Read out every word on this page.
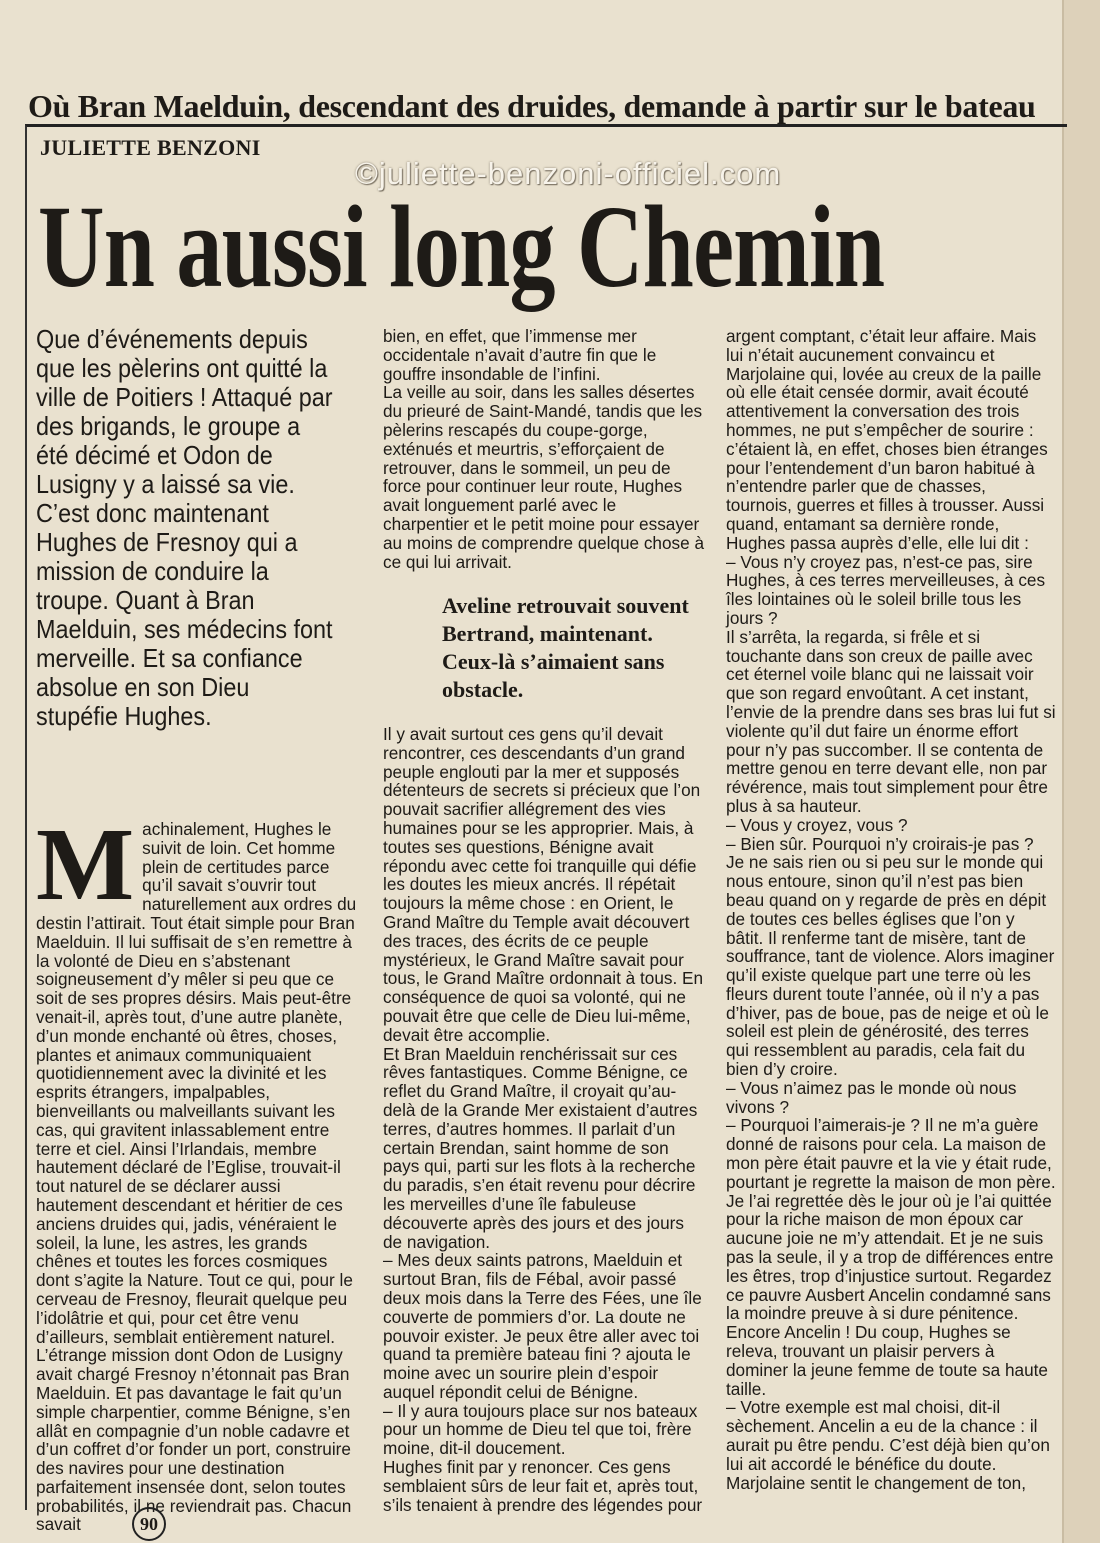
Où Bran Maelduin, descendant des druides, demande à partir sur le bateau
JULIETTE BENZONI
©juliette-benzoni-officiel.com
Un aussi long Chemin

Que d’événements depuis que les pèlerins ont quitté la ville de Poitiers ! Attaqué par des brigands, le groupe a été décimé et Odon de Lusigny y a laissé sa vie. C’est donc maintenant Hughes de Fresnoy qui a mission de conduire la troupe. Quant à Bran Maelduin, ses médecins font merveille. Et sa confiance absolue en son Dieu stupéfie Hughes.

Machinalement, Hughes le suivit de loin. Cet homme plein de certitudes parce qu’il savait s’ouvrir tout naturellement aux ordres du destin l’attirait. Tout était simple pour Bran Maelduin. Il lui suffisait de s’en remettre à la volonté de Dieu en s’abstenant soigneusement d’y mêler si peu que ce soit de ses propres désirs. Mais peut-être venait-il, après tout, d’une autre planète, d’un monde enchanté où êtres, choses, plantes et animaux communiquaient quotidiennement avec la divinité et les esprits étrangers, impalpables, bienveillants ou malveillants suivant les cas, qui gravitent inlassablement entre terre et ciel. Ainsi l’Irlandais, membre hautement déclaré de l’Eglise, trouvait-il tout naturel de se déclarer aussi hautement descendant et héritier de ces anciens druides qui, jadis, vénéraient le soleil, la lune, les astres, les grands chênes et toutes les forces cosmiques dont s’agite la Nature. Tout ce qui, pour le cerveau de Fresnoy, fleurait quelque peu l’idolâtrie et qui, pour cet être venu d’ailleurs, semblait entièrement naturel.

L’étrange mission dont Odon de Lusigny avait chargé Fresnoy n’étonnait pas Bran Maelduin. Et pas davantage le fait qu’un simple charpentier, comme Bénigne, s’en allât en compagnie d’un noble cadavre et d’un coffret d’or fonder un port, construire des navires pour une destination parfaitement insensée dont, selon toutes probabilités, il ne reviendrait pas. Chacun savait

bien, en effet, que l’immense mer occidentale n’avait d’autre fin que le gouffre insondable de l’infini.

La veille au soir, dans les salles désertes du prieuré de Saint-Mandé, tandis que les pèlerins rescapés du coupe-gorge, exténués et meurtris, s’efforçaient de retrouver, dans le sommeil, un peu de force pour continuer leur route, Hughes avait longuement parlé avec le charpentier et le petit moine pour essayer au moins de comprendre quelque chose à ce qui lui arrivait.

Aveline retrouvait souvent Bertrand, maintenant. Ceux-là s’aimaient sans obstacle.

Il y avait surtout ces gens qu’il devait rencontrer, ces descendants d’un grand peuple englouti par la mer et supposés détenteurs de secrets si précieux que l’on pouvait sacrifier allégrement des vies humaines pour se les approprier. Mais, à toutes ses questions, Bénigne avait répondu avec cette foi tranquille qui défie les doutes les mieux ancrés. Il répétait toujours la même chose : en Orient, le Grand Maître du Temple avait découvert des traces, des écrits de ce peuple mystérieux, le Grand Maître savait pour tous, le Grand Maître ordonnait à tous. En conséquence de quoi sa volonté, qui ne pouvait être que celle de Dieu lui-même, devait être accomplie.

Et Bran Maelduin renchérissait sur ces rêves fantastiques. Comme Bénigne, ce reflet du Grand Maître, il croyait qu’au-delà de la Grande Mer existaient d’autres terres, d’autres hommes. Il parlait d’un certain Brendan, saint homme de son pays qui, parti sur les flots à la recherche du paradis, s’en était revenu pour décrire les merveilles d’une île fabuleuse découverte après des jours et des jours de navigation.

– Mes deux saints patrons, Maelduin et surtout Bran, fils de Fébal, avoir passé deux mois dans la Terre des Fées, une île couverte de pommiers d’or. La doute ne pouvoir exister. Je peux être aller avec toi quand ta première bateau fini ? ajouta le moine avec un sourire plein d’espoir auquel répondit celui de Bénigne.

– Il y aura toujours place sur nos bateaux pour un homme de Dieu tel que toi, frère moine, dit-il doucement.

Hughes finit par y renoncer. Ces gens semblaient sûrs de leur fait et, après tout, s’ils tenaient à prendre des légendes pour

argent comptant, c’était leur affaire. Mais lui n’était aucunement convaincu et Marjolaine qui, lovée au creux de la paille où elle était censée dormir, avait écouté attentivement la conversation des trois hommes, ne put s’empêcher de sourire : c’étaient là, en effet, choses bien étranges pour l’entendement d’un baron habitué à n’entendre parler que de chasses, tournois, guerres et filles à trousser. Aussi quand, entamant sa dernière ronde, Hughes passa auprès d’elle, elle lui dit :

– Vous n’y croyez pas, n’est-ce pas, sire Hughes, à ces terres merveilleuses, à ces îles lointaines où le soleil brille tous les jours ?

Il s’arrêta, la regarda, si frêle et si touchante dans son creux de paille avec cet éternel voile blanc qui ne laissait voir que son regard envoûtant. A cet instant, l’envie de la prendre dans ses bras lui fut si violente qu’il dut faire un énorme effort pour n’y pas succomber. Il se contenta de mettre genou en terre devant elle, non par révérence, mais tout simplement pour être plus à sa hauteur.

– Vous y croyez, vous ?

– Bien sûr. Pourquoi n’y croirais-je pas ? Je ne sais rien ou si peu sur le monde qui nous entoure, sinon qu’il n’est pas bien beau quand on y regarde de près en dépit de toutes ces belles églises que l’on y bâtit. Il renferme tant de misère, tant de souffrance, tant de violence. Alors imaginer qu’il existe quelque part une terre où les fleurs durent toute l’année, où il n’y a pas d’hiver, pas de boue, pas de neige et où le soleil est plein de générosité, des terres qui ressemblent au paradis, cela fait du bien d’y croire.

– Vous n’aimez pas le monde où nous vivons ?

– Pourquoi l’aimerais-je ? Il ne m’a guère donné de raisons pour cela. La maison de mon père était pauvre et la vie y était rude, pourtant je regrette la maison de mon père. Je l’ai regrettée dès le jour où je l’ai quittée pour la riche maison de mon époux car aucune joie ne m’y attendait. Et je ne suis pas la seule, il y a trop de différences entre les êtres, trop d’injustice surtout. Regardez ce pauvre Ausbert Ancelin condamné sans la moindre preuve à si dure pénitence.

Encore Ancelin ! Du coup, Hughes se releva, trouvant un plaisir pervers à dominer la jeune femme de toute sa haute taille.

– Votre exemple est mal choisi, dit-il sèchement. Ancelin a eu de la chance : il aurait pu être pendu. C’est déjà bien qu’on lui ait accordé le bénéfice du doute.

Marjolaine sentit le changement de ton,

90
